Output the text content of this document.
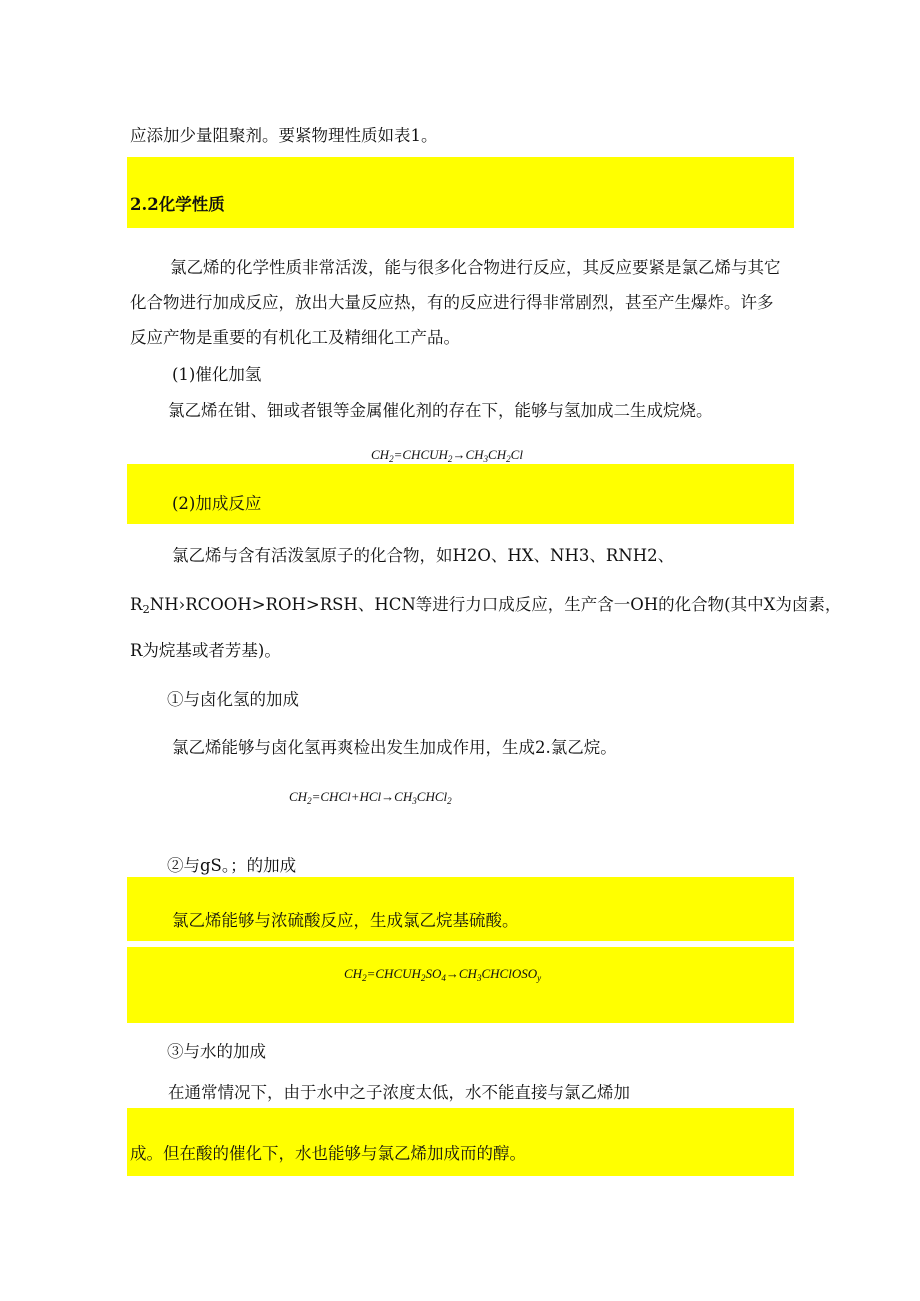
应添加少量阻聚剂。要紧物理性质如表1。
2.2化学性质
氯乙烯的化学性质非常活泼，能与很多化合物进行反应，其反应要紧是氯乙烯与其它
化合物进行加成反应，放出大量反应热，有的反应进行得非常剧烈，甚至产生爆炸。许多
反应产物是重要的有机化工及精细化工产品。
(1)催化加氢
氯乙烯在钳、钿或者银等金属催化剂的存在下，能够与氢加成二生成烷烧。
$CH_2=CHCUH_2\to CH_3CH_2Cl$
(2)加成反应
氯乙烯与含有活泼氢原子的化合物，如H2O、HX、NH3、RNH2、
$R_2NH›RCOOH>ROH>RSH$、HCN等进行力口成反应，生产含一OH的化合物(其中X为卤素，
R为烷基或者芳基)。
①与卤化氢的加成
氯乙烯能够与卤化氢再爽检出发生加成作用，生成2.氯乙烷。
$CH_2=CHCl+HCl\to CH_3CHCl_2$
②与gS。；的加成
氯乙烯能够与浓硫酸反应，生成氯乙烷基硫酸。
$CH_2=CHCUH_2SO_4\to CH_3CHClOSO_y$
③与水的加成
在通常情况下，由于水中之子浓度太低，水不能直接与氯乙烯加
成。但在酸的催化下，水也能够与氯乙烯加成而的醇。
